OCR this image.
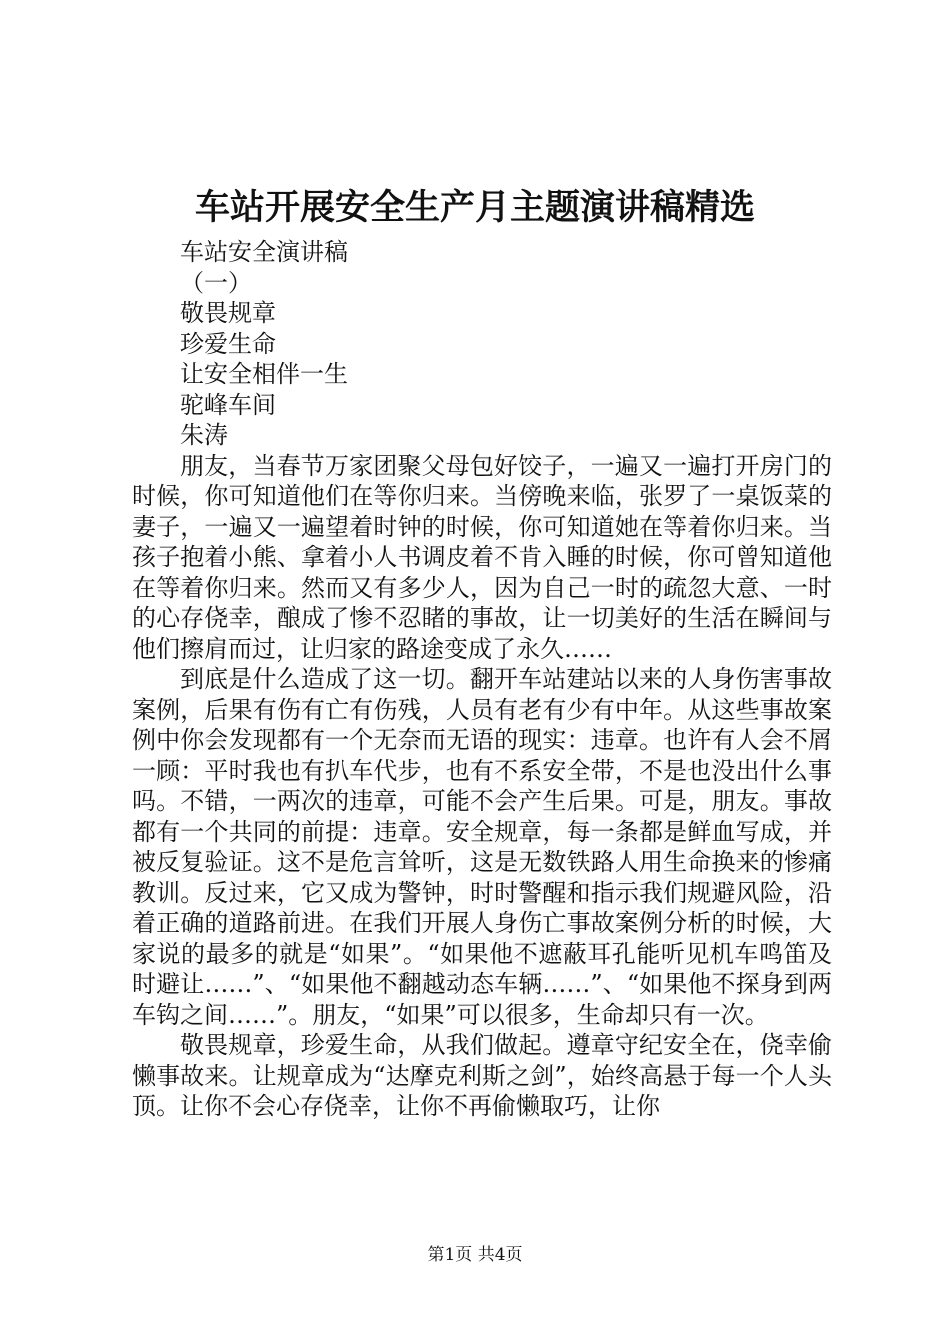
车站开展安全生产月主题演讲稿精选
车站安全演讲稿
（一）
敬畏规章
珍爱生命
让安全相伴一生
驼峰车间
朱涛

朋友，当春节万家团聚父母包好饺子，一遍又一遍打开房门的时候，你可知道他们在等你归来。当傍晚来临，张罗了一桌饭菜的妻子，一遍又一遍望着时钟的时候，你可知道她在等着你归来。当孩子抱着小熊、拿着小人书调皮着不肯入睡的时候，你可曾知道他在等着你归来。然而又有多少人，因为自己一时的疏忽大意、一时的心存侥幸，酿成了惨不忍睹的事故，让一切美好的生活在瞬间与他们擦肩而过，让归家的路途变成了永久……

到底是什么造成了这一切。翻开车站建站以来的人身伤害事故案例，后果有伤有亡有伤残，人员有老有少有中年。从这些事故案例中你会发现都有一个无奈而无语的现实：违章。也许有人会不屑一顾：平时我也有扒车代步，也有不系安全带，不是也没出什么事吗。不错，一两次的违章，可能不会产生后果。可是，朋友。事故都有一个共同的前提：违章。安全规章，每一条都是鲜血写成，并被反复验证。这不是危言耸听，这是无数铁路人用生命换来的惨痛教训。反过来，它又成为警钟，时时警醒和指示我们规避风险，沿着正确的道路前进。在我们开展人身伤亡事故案例分析的时候，大家说的最多的就是“如果”。“如果他不遮蔽耳孔能听见机车鸣笛及时避让……”、“如果他不翻越动态车辆……”、“如果他不探身到两车钩之间……”。朋友，“如果”可以很多，生命却只有一次。

敬畏规章，珍爱生命，从我们做起。遵章守纪安全在，侥幸偷懒事故来。让规章成为“达摩克利斯之剑”，始终高悬于每一个人头顶。让你不会心存侥幸，让你不再偷懒取巧，让你

第1页 共4页
